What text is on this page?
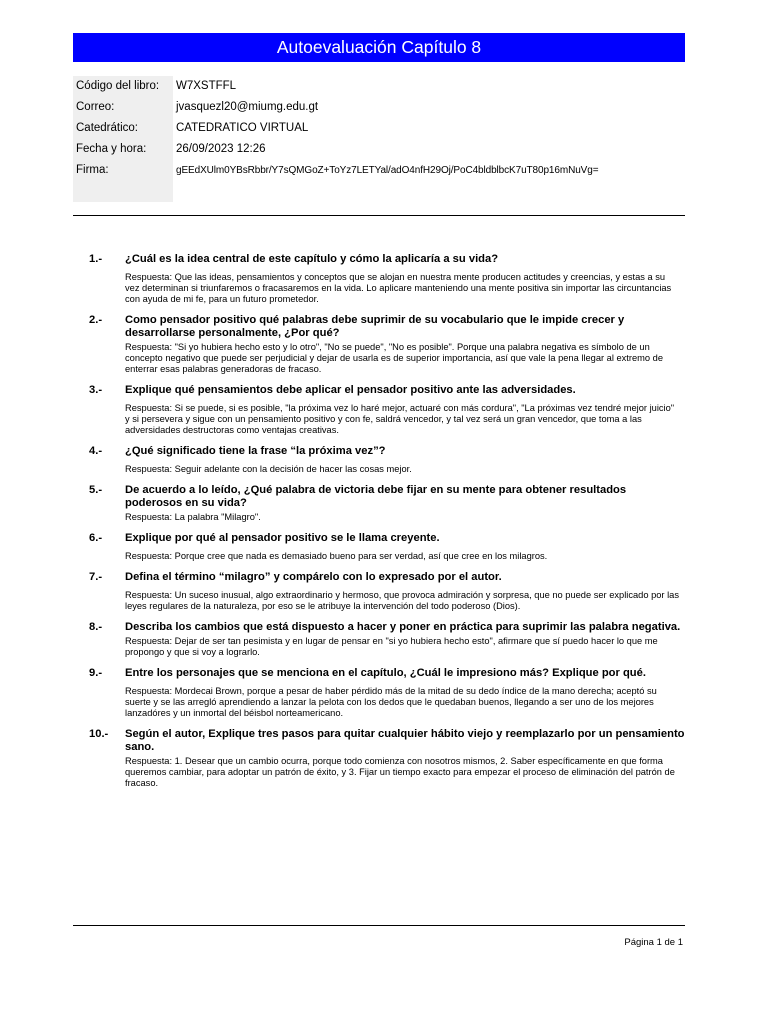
Autoevaluación Capítulo 8
Código del libro:	W7XSTFFL
Correo:	jvasquezl20@miumg.edu.gt
Catedrático:	CATEDRATICO VIRTUAL
Fecha y hora:	26/09/2023 12:26
Firma:	gEEdXUlm0YBsRbbr/Y7sQMGoZ+ToYz7LETYal/adO4nfH29Oj/PoC4bldblbcK7uT80p16mNuVg=
1.-	¿Cuál es la idea central de este capítulo y cómo la aplicaría a su vida?
Respuesta: Que las ideas, pensamientos y conceptos que se alojan en nuestra mente producen actitudes y creencias, y estas a su vez determinan si triunfaremos o fracasaremos en la vida. Lo aplicare manteniendo una mente positiva sin importar las circuntancias con ayuda de mi fe, para un futuro prometedor.
2.-	Como pensador positivo qué palabras debe suprimir de su vocabulario que le impide crecer y desarrollarse personalmente, ¿Por qué?
Respuesta: "Si yo hubiera hecho esto y lo otro", "No se puede", "No es posible". Porque una palabra negativa es símbolo de un concepto negativo que puede ser perjudicial y dejar de usarla es de superior importancia, así que vale la pena llegar al extremo de enterrar esas palabras generadoras de fracaso.
3.-	Explique qué pensamientos debe aplicar el pensador positivo ante las adversidades.
Respuesta: Si se puede, si es posible, "la próxima vez lo haré mejor, actuaré con más cordura", "La próximas vez tendré mejor juicio" y si persevera y sigue con un pensamiento positivo y con fe, saldrá vencedor, y tal vez será un gran vencedor, que toma a las adversidades destructoras como ventajas creativas.
4.-	¿Qué significado tiene la frase “la próxima vez”?
Respuesta: Seguir adelante con la decisión de hacer las cosas mejor.
5.-	De acuerdo a lo leído, ¿Qué palabra de victoria debe fijar en su mente para obtener resultados poderosos en su vida?
Respuesta: La palabra "Milagro".
6.-	Explique por qué al pensador positivo se le llama creyente.
Respuesta: Porque cree que nada es demasiado bueno para ser verdad, así que cree en los milagros.
7.-	Defina el término “milagro” y compárelo con lo expresado por el autor.
Respuesta: Un suceso inusual, algo extraordinario y hermoso, que provoca admiración y sorpresa, que no puede ser explicado por las leyes regulares de la naturaleza, por eso se le atribuye la intervención del todo poderoso (Dios).
8.-	Describa los cambios que está dispuesto a hacer y poner en práctica para suprimir las palabra negativa.
Respuesta: Dejar de ser tan pesimista y en lugar de pensar en "si yo hubiera hecho esto", afirmare que sí puedo hacer lo que me propongo y que si voy a lograrlo.
9.-	Entre los personajes que se menciona en el capítulo, ¿Cuál le impresiono más? Explique por qué.
Respuesta: Mordecai Brown, porque a pesar de haber pérdido más de la mitad de su dedo índice de la mano derecha; aceptó su suerte y se las arregló aprendiendo a lanzar la pelota con los dedos que le quedaban buenos, llegando a ser uno de los mejores lanzadóres y un inmortal del béisbol norteamericano.
10.-	Según el autor, Explique tres pasos para quitar cualquier hábito viejo y reemplazarlo por un pensamiento sano.
Respuesta: 1. Desear que un cambio ocurra, porque todo comienza con nosotros mismos, 2. Saber específicamente en que forma queremos cambiar, para adoptar un patrón de éxito, y 3. Fijar un tiempo exacto para empezar el proceso de eliminación del patrón de fracaso.
Página 1 de 1
